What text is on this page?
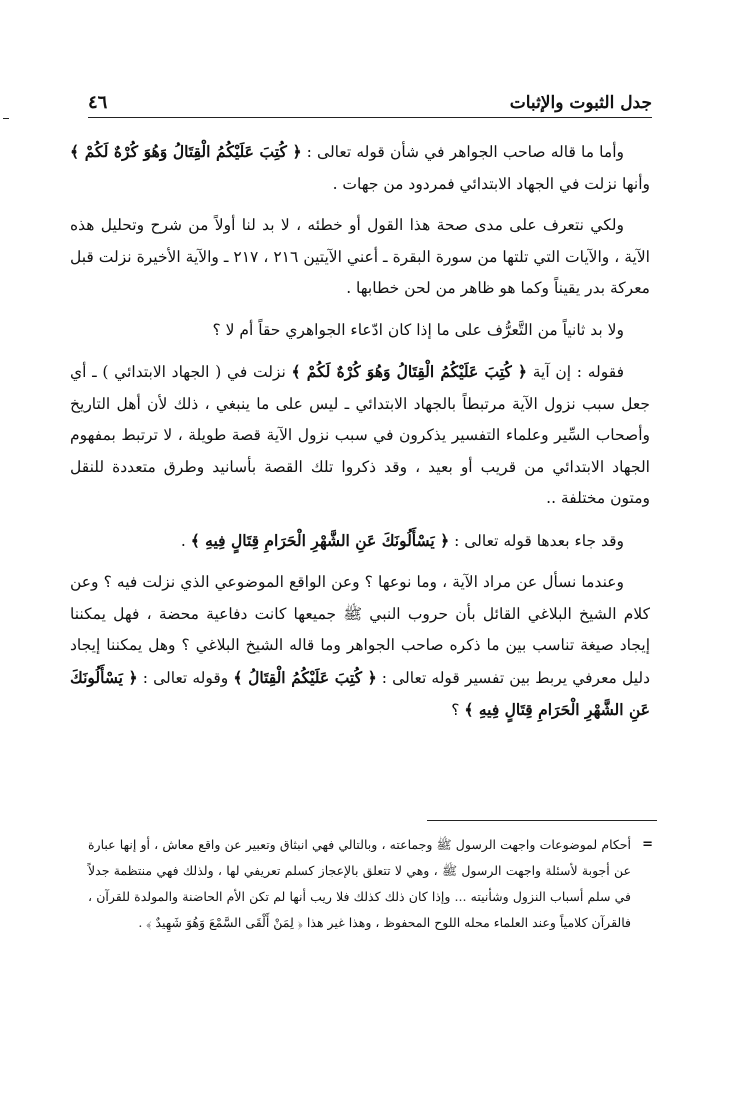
جدل الثبوت والإثبات
٤٦

وأما ما قاله صاحب الجواهر في شأن قوله تعالى : ﴿ كُتِبَ عَلَيْكُمُ الْقِتَالُ وَهُوَ كُرْهٌ لَكُمْ ﴾ وأنها نزلت في الجهاد الابتدائي فمردود من جهات .

ولكي نتعرف على مدى صحة هذا القول أو خطئه ، لا بد لنا أولاً من شرح وتحليل هذه الآية ، والآيات التي تلتها من سورة البقرة ـ أعني الآيتين ٢١٦ ، ٢١٧ ـ والآية الأخيرة نزلت قبل معركة بدر يقيناً وكما هو ظاهر من لحن خطابها .

ولا بد ثانياً من التَّعرُّف على ما إذا كان ادّعاء الجواهري حقاً أم لا ؟

فقوله : إن آية ﴿ كُتِبَ عَلَيْكُمُ الْقِتَالُ وَهُوَ كُرْهٌ لَكُمْ ﴾ نزلت في ( الجهاد الابتدائي ) ـ أي جعل سبب نزول الآية مرتبطاً بالجهاد الابتدائي ـ ليس على ما ينبغي ، ذلك لأن أهل التاريخ وأصحاب السِّير وعلماء التفسير يذكرون في سبب نزول الآية قصة طويلة ، لا ترتبط بمفهوم الجهاد الابتدائي من قريب أو بعيد ، وقد ذكروا تلك القصة بأسانيد وطرق متعددة للنقل ومتون مختلفة ..

وقد جاء بعدها قوله تعالى : ﴿ يَسْأَلُونَكَ عَنِ الشَّهْرِ الْحَرَامِ قِتَالٍ فِيهِ ﴾ .

وعندما نسأل عن مراد الآية ، وما نوعها ؟ وعن الواقع الموضوعي الذي نزلت فيه ؟ وعن كلام الشيخ البلاغي القائل بأن حروب النبي ﷺ جميعها كانت دفاعية محضة ، فهل يمكننا إيجاد صيغة تناسب بين ما ذكره صاحب الجواهر وما قاله الشيخ البلاغي ؟ وهل يمكننا إيجاد دليل معرفي يربط بين تفسير قوله تعالى : ﴿ كُتِبَ عَلَيْكُمُ الْقِتَالُ ﴾ وقوله تعالى : ﴿ يَسْأَلُونَكَ عَنِ الشَّهْرِ الْحَرَامِ قِتَالٍ فِيهِ ﴾ ؟

=
أحكام لموضوعات واجهت الرسول ﷺ وجماعته ، وبالتالي فهي انبثاق وتعبير عن واقع معاش ، أو إنها عبارة عن أجوبة لأسئلة واجهت الرسول ﷺ ، وهي لا تتعلق بالإعجاز كسلم تعريفي لها ، ولذلك فهي منتظمة جدلاً في سلم أسباب النزول وشأنيته ... وإذا كان ذلك كذلك فلا ريب أنها لم تكن الأم الحاضنة والمولدة للقرآن ، فالقرآن كلامياً وعند العلماء محله اللوح المحفوظ ، وهذا غير هذا ﴿ لِمَنْ أَلْقَى السَّمْعَ وَهُوَ شَهِيدٌ ﴾ .
